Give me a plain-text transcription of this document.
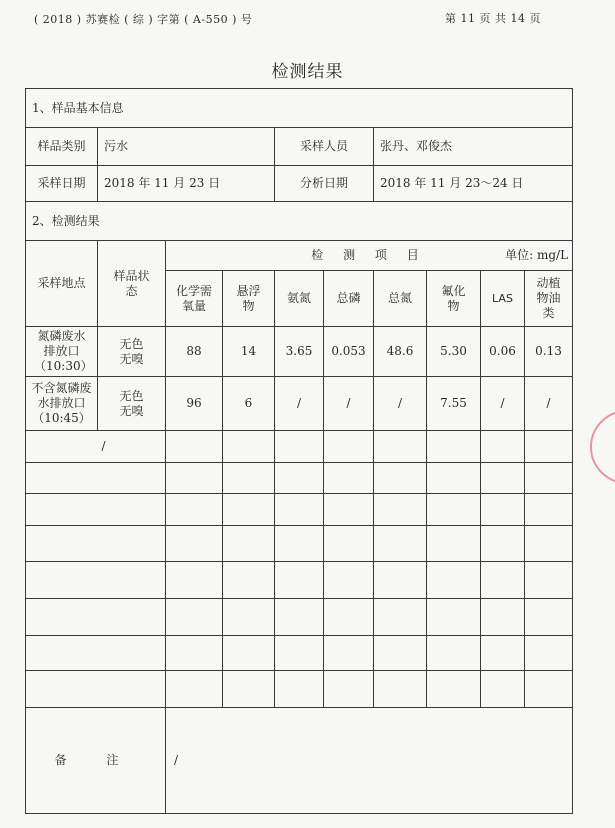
( 2018 ) 苏赛检 ( 综 ) 字第 ( A-550 ) 号	第 11 页 共 14 页
检测结果
1、样品基本信息									
样品类别	污水			采样人员		张丹、邓俊杰			
采样日期	2018 年 11 月 23 日			分析日期		2018 年 11 月 23～24 日			
2、检测结果									
采样地点	样品状态	检 测 项 目 单位: mg/L							

		化学需氧量	悬浮物	氨氮	总磷	总氮	氟化物	LAS	动植物油类
氮磷废水排放口（10:30）	无色无嗅	88	14	3.65	0.053	48.6	5.30	0.06	0.13
不含氮磷废水排放口（10:45）	无色无嗅	96	6	/	/	/	7.55	/	/
/									

备 注		/							
